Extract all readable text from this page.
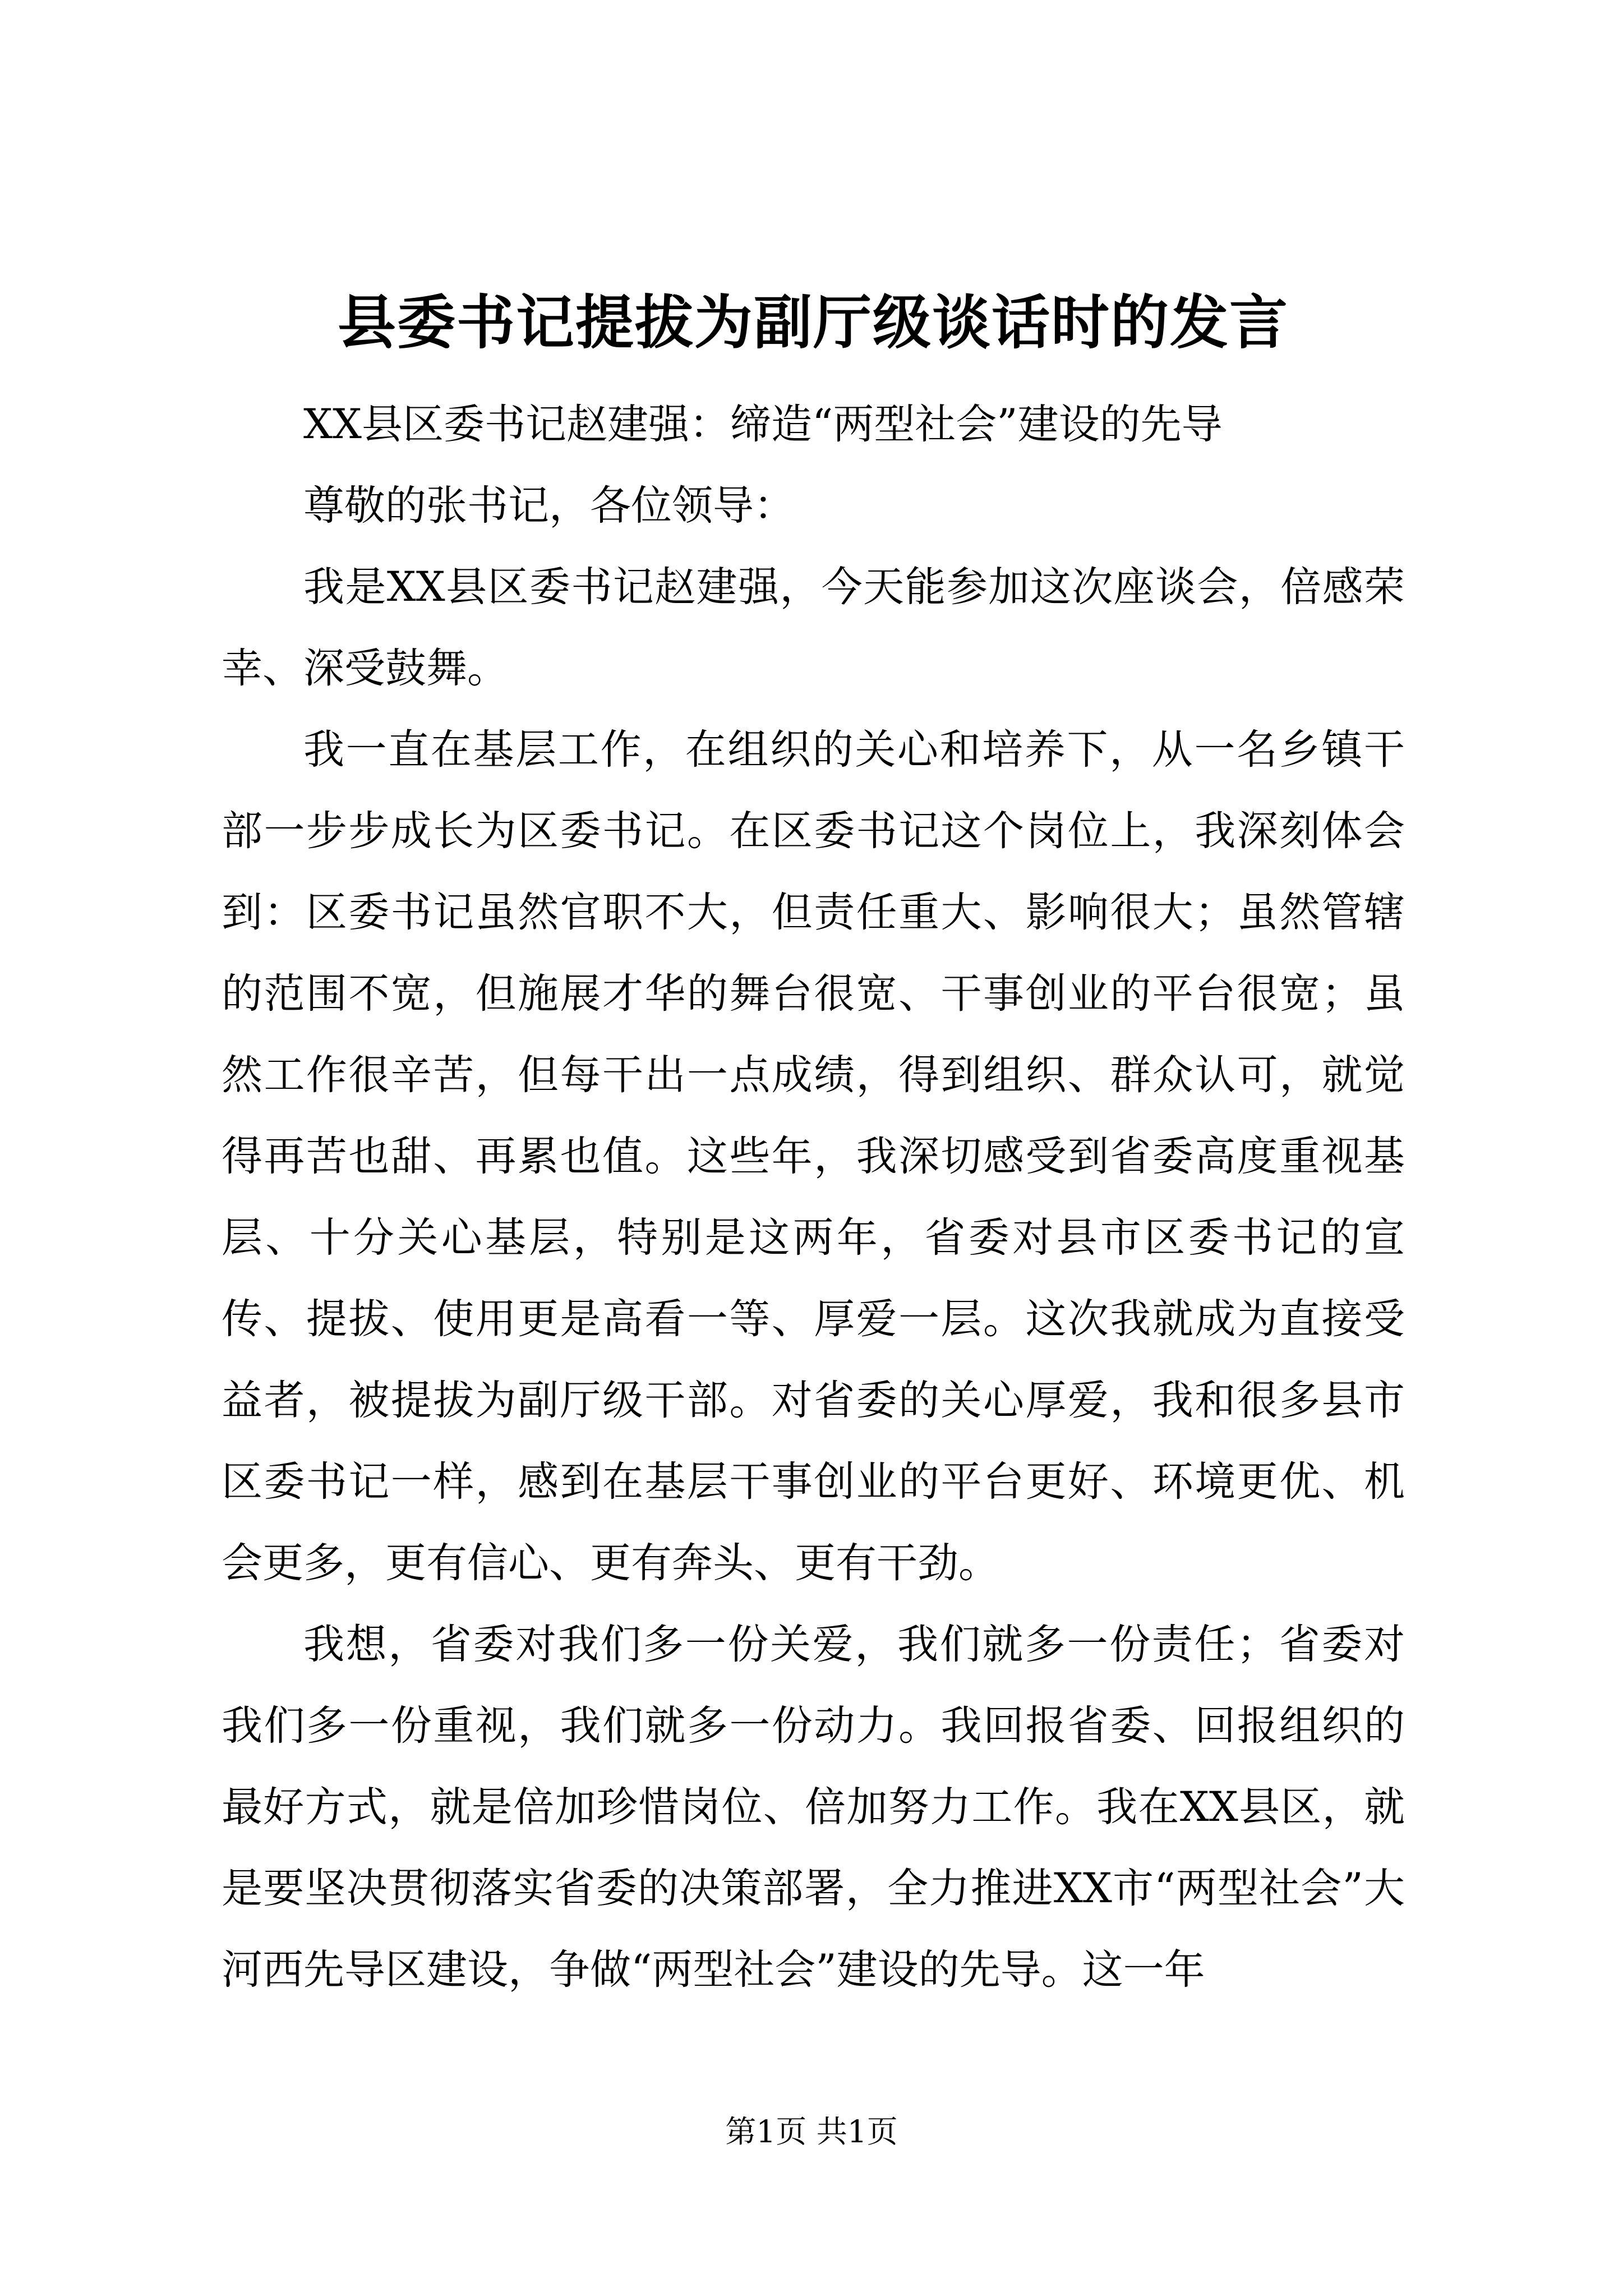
县委书记提拔为副厅级谈话时的发言

XX县区委书记赵建强：缔造“两型社会”建设的先导

尊敬的张书记，各位领导：

我是XX县区委书记赵建强，今天能参加这次座谈会，倍感荣幸、深受鼓舞。

我一直在基层工作，在组织的关心和培养下，从一名乡镇干部一步步成长为区委书记。在区委书记这个岗位上，我深刻体会到：区委书记虽然官职不大，但责任重大、影响很大；虽然管辖的范围不宽，但施展才华的舞台很宽、干事创业的平台很宽；虽然工作很辛苦，但每干出一点成绩，得到组织、群众认可，就觉得再苦也甜、再累也值。这些年，我深切感受到省委高度重视基层、十分关心基层，特别是这两年，省委对县市区委书记的宣传、提拔、使用更是高看一等、厚爱一层。这次我就成为直接受益者，被提拔为副厅级干部。对省委的关心厚爱，我和很多县市区委书记一样，感到在基层干事创业的平台更好、环境更优、机会更多，更有信心、更有奔头、更有干劲。

我想，省委对我们多一份关爱，我们就多一份责任；省委对我们多一份重视，我们就多一份动力。我回报省委、回报组织的最好方式，就是倍加珍惜岗位、倍加努力工作。我在XX县区，就是要坚决贯彻落实省委的决策部署，全力推进XX市“两型社会”大河西先导区建设，争做“两型社会”建设的先导。这一年

第1页 共1页
